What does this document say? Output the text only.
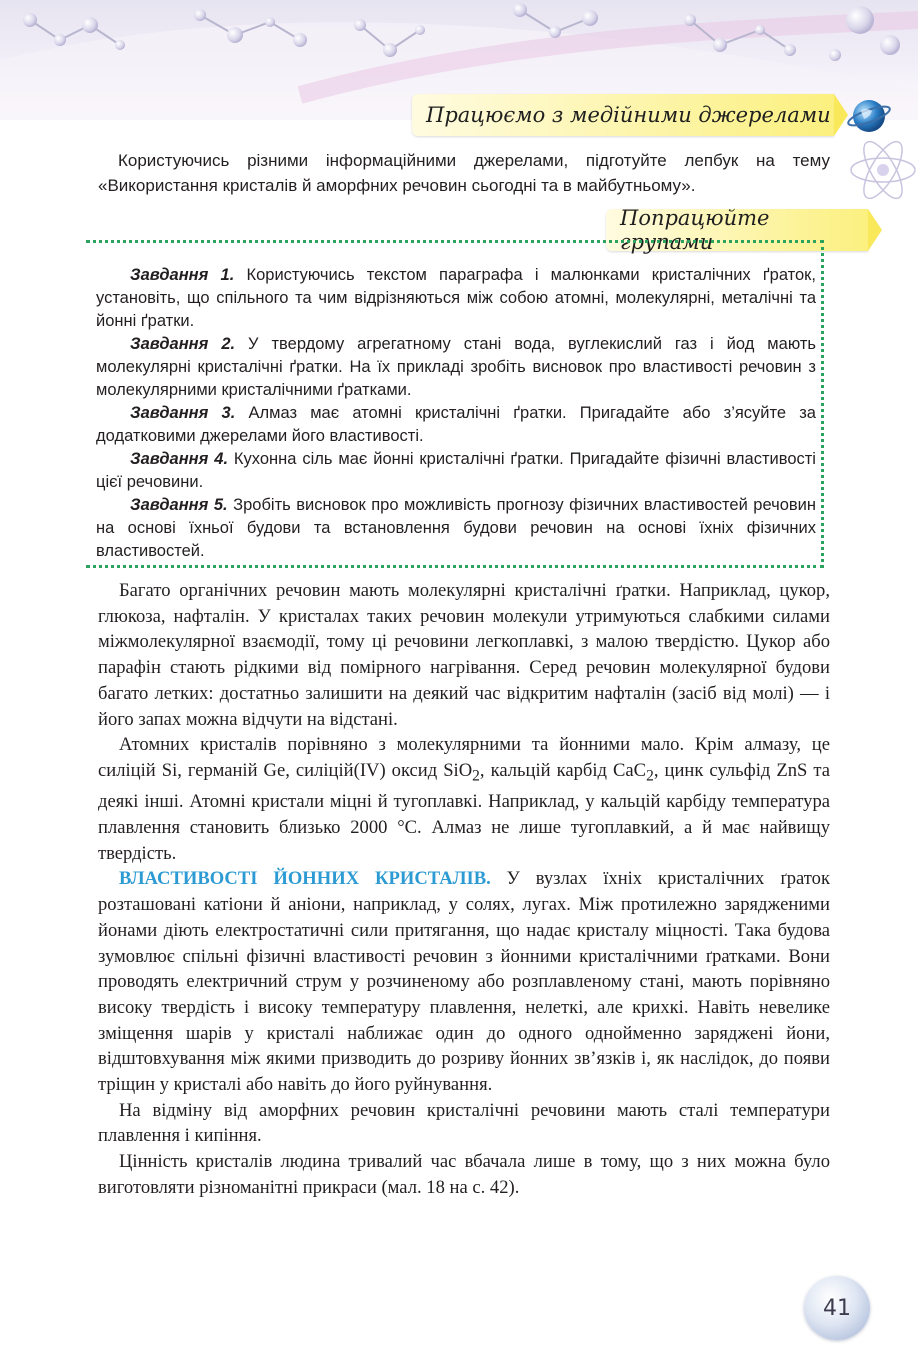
Працюємо з медійними джерелами

Користуючись різними інформаційними джерелами, підготуйте лепбук на тему «Використання кристалів й аморфних речовин сьогодні та в майбутньому».

Попрацюйте групами

Завдання 1. Користуючись текстом параграфа і малюнками кристалічних ґраток, установіть, що спільного та чим відрізняються між собою атомні, молекулярні, металічні та йонні ґратки.

Завдання 2. У твердому агрегатному стані вода, вуглекислий газ і йод мають молекулярні кристалічні ґратки. На їх прикладі зробіть висновок про властивості речовин з молекулярними кристалічними ґратками.

Завдання 3. Алмаз має атомні кристалічні ґратки. Пригадайте або з’ясуйте за додатковими джерелами його властивості.

Завдання 4. Кухонна сіль має йонні кристалічні ґратки. Пригадайте фізичні властивості цієї речовини.

Завдання 5. Зробіть висновок про можливість прогнозу фізичних властивостей речовин на основі їхньої будови та встановлення будови речовин на основі їхніх фізичних властивостей.

Багато органічних речовин мають молекулярні кристалічні ґратки. Наприклад, цукор, глюкоза, нафталін. У кристалах таких речовин молекули утримуються слабкими силами міжмолекулярної взаємодії, тому ці речовини легкоплавкі, з малою твердістю. Цукор або парафін стають рідкими від помірного нагрівання. Серед речовин молекулярної будови багато летких: достатньо залишити на деякий час відкритим нафталін (засіб від молі) — і його запах можна відчути на відстані.

Атомних кристалів порівняно з молекулярними та йонними мало. Крім алмазу, це силіцій Si, германій Ge, силіцій(IV) оксид SiO$_2$, кальцій карбід CaC$_2$, цинк сульфід ZnS та деякі інші. Атомні кристали міцні й тугоплавкі. Наприклад, у кальцій карбіду температура плавлення становить близько 2000 °C. Алмаз не лише тугоплавкий, а й має найвищу твердість.

ВЛАСТИВОСТІ ЙОННИХ КРИСТАЛІВ. У вузлах їхніх кристалічних ґраток розташовані катіони й аніони, наприклад, у солях, лугах. Між протилежно зарядженими йонами діють електростатичні сили притягання, що надає кристалу міцності. Така будова зумовлює спільні фізичні властивості речовин з йонними кристалічними ґратками. Вони проводять електричний струм у розчиненому або розплавленому стані, мають порівняно високу твердість і високу температуру плавлення, нелеткі, але крихкі. Навіть невелике зміщення шарів у кристалі наближає один до одного однойменно заряджені йони, відштовхування між якими призводить до розриву йонних зв’язків і, як наслідок, до появи тріщин у кристалі або навіть до його руйнування.

На відміну від аморфних речовин кристалічні речовини мають сталі температури плавлення і кипіння.

Цінність кристалів людина тривалий час вбачала лише в тому, що з них можна було виготовляти різноманітні прикраси (мал. 18 на с. 42).

41
